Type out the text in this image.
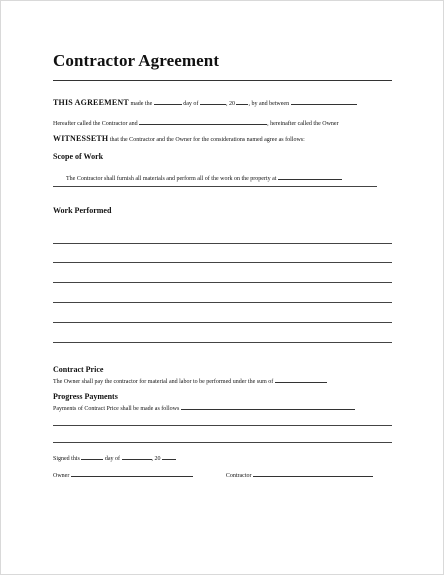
Contractor Agreement
THIS AGREEMENT made the	day of	, 20 , by and between
Hereafter called the Contractor and	, hereinafter called the Owner
WITNESSETH that the Contractor and the Owner for the considerations named agree as follows:
Scope of Work
The Contractor shall furnish all materials and perform all of the work on the property at
Work Performed
Contract Price
The Owner shall pay the contractor for material and labor to be performed under the sum of
Progress Payments
Payments of Contract Price shall be made as follows
Signed this	day of	, 20
Owner	Contractor
